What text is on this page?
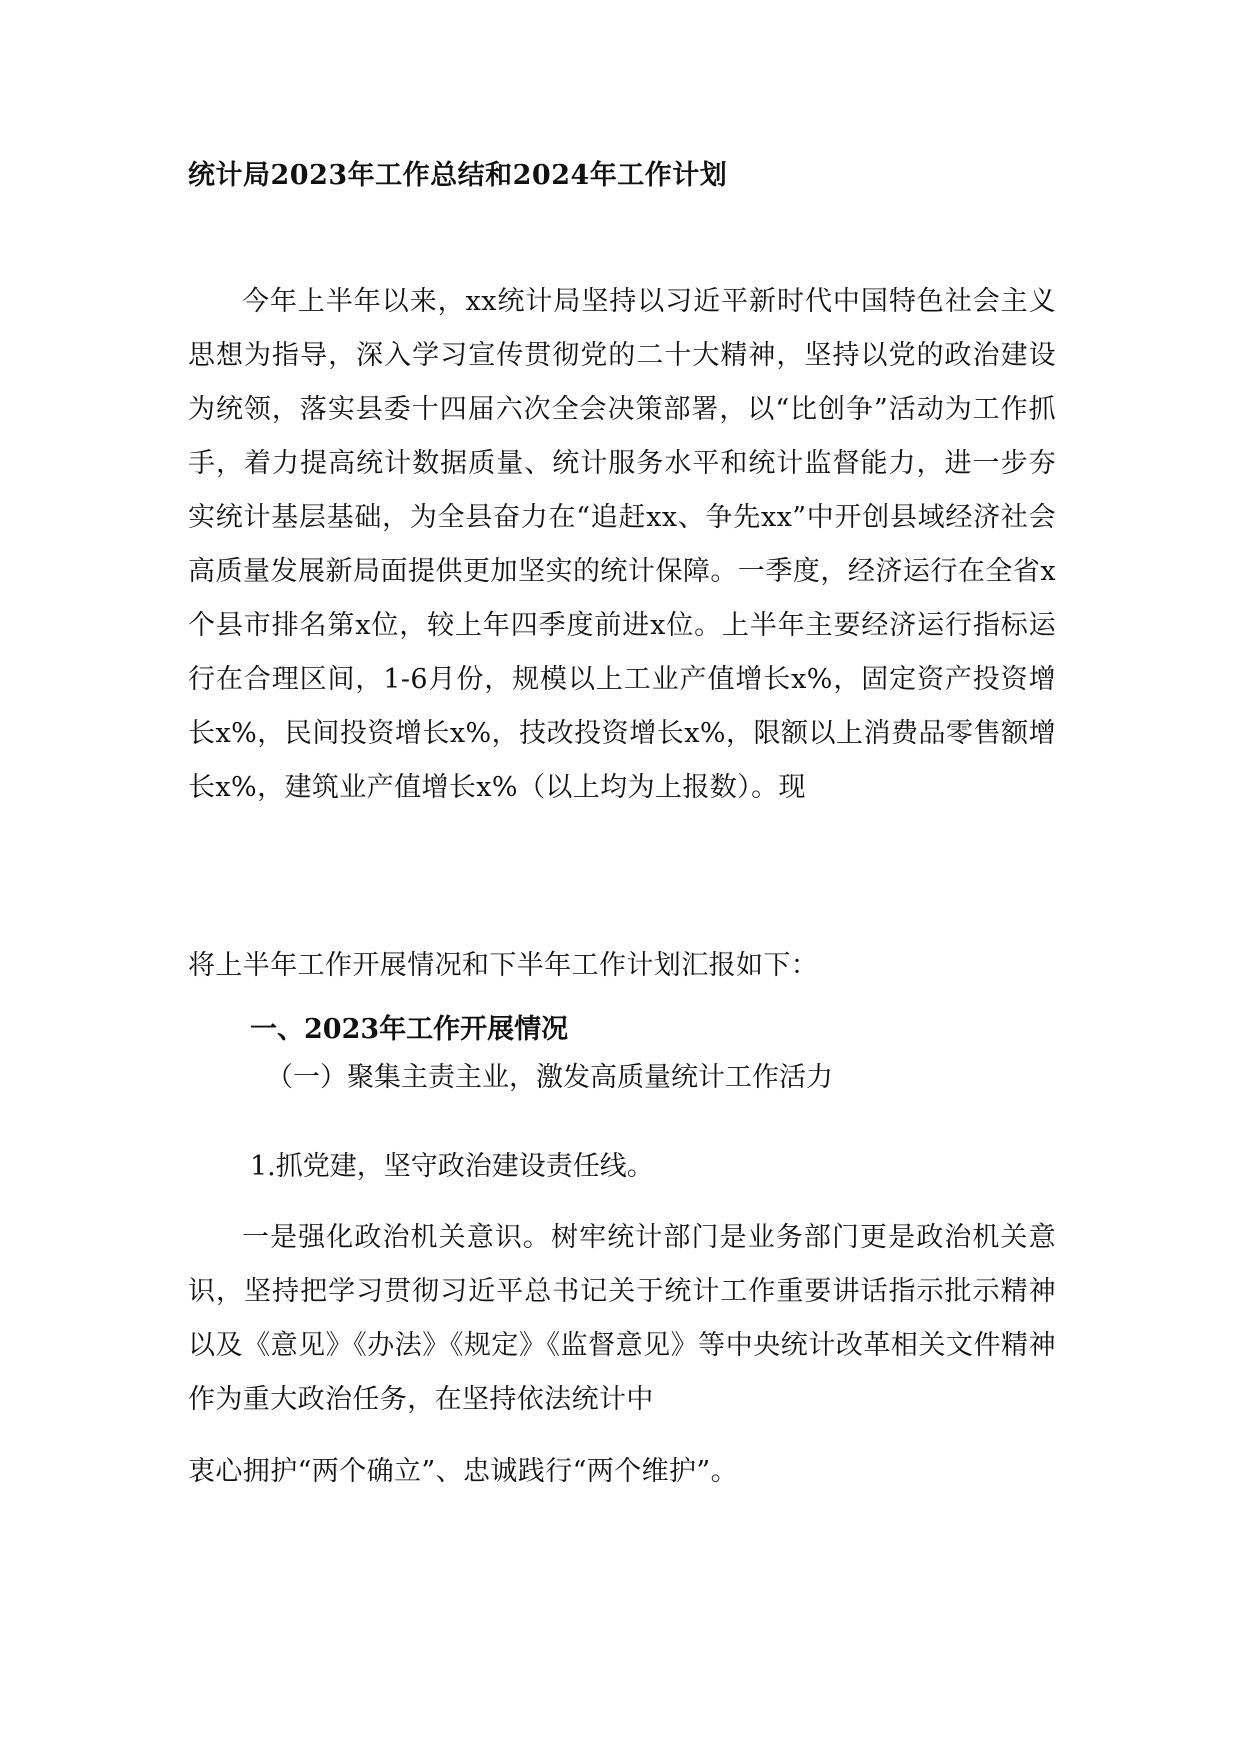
统计局2023年工作总结和2024年工作计划
今年上半年以来，xx统计局坚持以习近平新时代中国特色社会主义思想为指导，深入学习宣传贯彻党的二十大精神，坚持以党的政治建设为统领，落实县委十四届六次全会决策部署，以“比创争”活动为工作抓手，着力提高统计数据质量、统计服务水平和统计监督能力，进一步夯实统计基层基础，为全县奋力在“追赶xx、争先xx”中开创县域经济社会高质量发展新局面提供更加坚实的统计保障。一季度，经济运行在全省x个县市排名第x位，较上年四季度前进x位。上半年主要经济运行指标运行在合理区间，1-6月份，规模以上工业产值增长x%，固定资产投资增长x%，民间投资增长x%，技改投资增长x%，限额以上消费品零售额增长x%，建筑业产值增长x%（以上均为上报数）。现
将上半年工作开展情况和下半年工作计划汇报如下：
一、2023年工作开展情况
（一）聚集主责主业，激发高质量统计工作活力
1.抓党建，坚守政治建设责任线。
一是强化政治机关意识。树牢统计部门是业务部门更是政治机关意识，坚持把学习贯彻习近平总书记关于统计工作重要讲话指示批示精神以及《意见》《办法》《规定》《监督意见》等中央统计改革相关文件精神作为重大政治任务，在坚持依法统计中
衷心拥护“两个确立”、忠诚践行“两个维护”。
